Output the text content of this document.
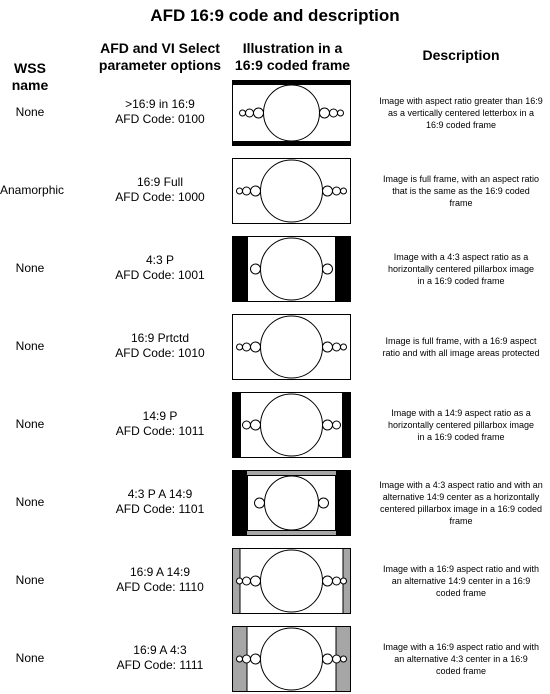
AFD 16:9 code and description
WSS name
AFD and VI Select
parameter options
Illustration in a
16:9 coded frame
Description
None
>16:9 in 16:9
AFD Code: 0100
Image with aspect ratio greater than 16:9
as a vertically centered letterbox in a
16:9 coded frame
Anamorphic
16:9 Full
AFD Code: 1000
Image is full frame, with an aspect ratio
that is the same as the 16:9 coded
frame
None
4:3 P
AFD Code: 1001
Image with a 4:3 aspect ratio as a
horizontally centered pillarbox image
in a 16:9 coded frame
None
16:9 Prtctd
AFD Code: 1010
Image is full frame, with a 16:9 aspect
ratio and with all image areas protected
None
14:9 P
AFD Code: 1011
Image with a 14:9 aspect ratio as a
horizontally centered pillarbox image
in a 16:9 coded frame
None
4:3 P A 14:9
AFD Code: 1101
Image with a 4:3 aspect ratio and with an
alternative 14:9 center as a horizontally
centered pillarbox image in a 16:9 coded
frame
None
16:9 A 14:9
AFD Code: 1110
Image with a 16:9 aspect ratio and with
an alternative 14:9 center in a 16:9
coded frame
None
16:9 A 4:3
AFD Code: 1111
Image with a 16:9 aspect ratio and with
an alternative 4:3 center in a 16:9
coded frame
